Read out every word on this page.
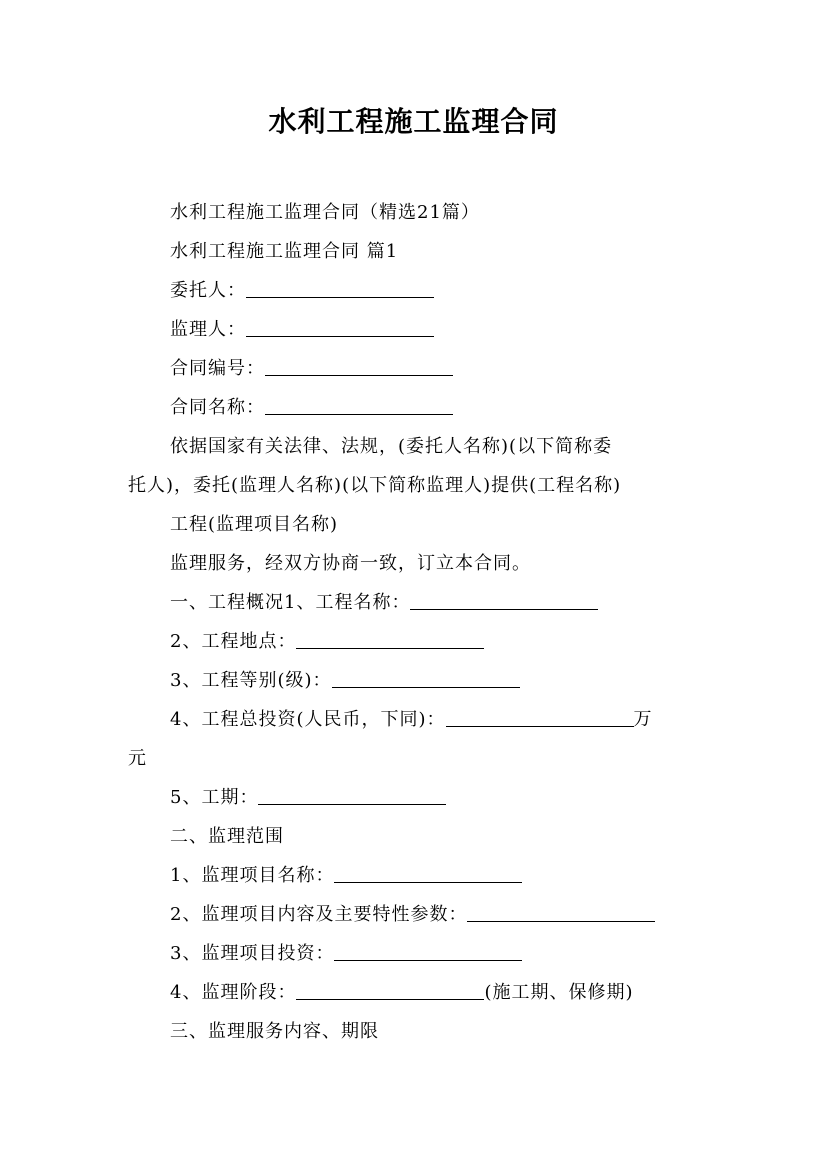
水利工程施工监理合同

水利工程施工监理合同（精选21篇）

水利工程施工监理合同 篇1

委托人：

监理人：

合同编号：

合同名称：

依据国家有关法律、法规，(委托人名称)(以下简称委

托人)，委托(监理人名称)(以下简称监理人)提供(工程名称)

工程(监理项目名称)

监理服务，经双方协商一致，订立本合同。

一、工程概况1、工程名称：

2、工程地点：

3、工程等别(级)：

4、工程总投资(人民币，下同)：	万

元

5、工期：

二、监理范围

1、监理项目名称：

2、监理项目内容及主要特性参数：

3、监理项目投资：

4、监理阶段：	(施工期、保修期)

三、监理服务内容、期限
